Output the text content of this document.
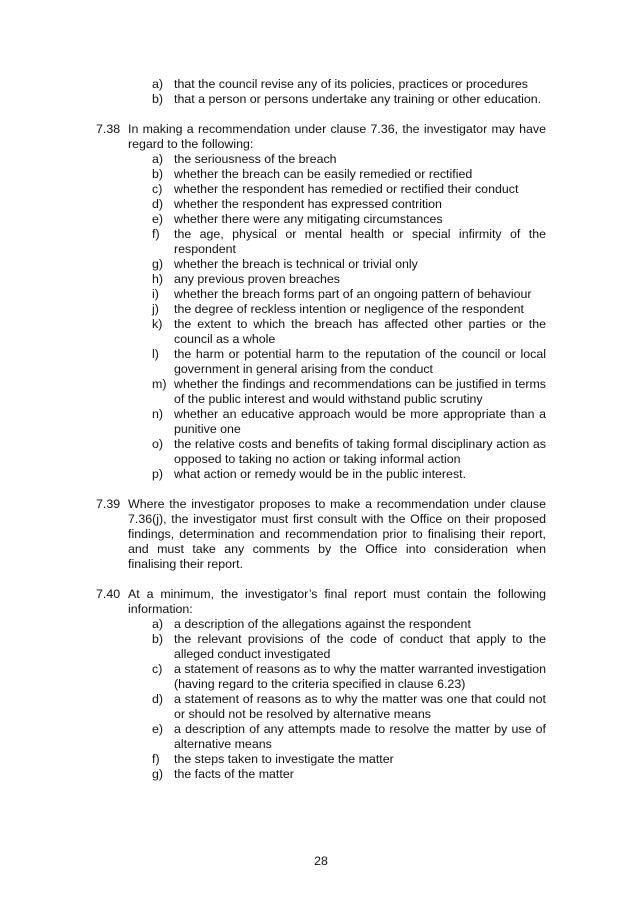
a) that the council revise any of its policies, practices or procedures
b) that a person or persons undertake any training or other education.
7.38 In making a recommendation under clause 7.36, the investigator may have regard to the following:
a) the seriousness of the breach
b) whether the breach can be easily remedied or rectified
c) whether the respondent has remedied or rectified their conduct
d) whether the respondent has expressed contrition
e) whether there were any mitigating circumstances
f)	the age, physical or mental health or special infirmity of the respondent
g) whether the breach is technical or trivial only
h) any previous proven breaches
i)	whether the breach forms part of an ongoing pattern of behaviour
j)	the degree of reckless intention or negligence of the respondent
k) the extent to which the breach has affected other parties or the council as a whole
l)	the harm or potential harm to the reputation of the council or local government in general arising from the conduct
m) whether the findings and recommendations can be justified in terms of the public interest and would withstand public scrutiny
n) whether an educative approach would be more appropriate than a punitive one
o) the relative costs and benefits of taking formal disciplinary action as opposed to taking no action or taking informal action
p) what action or remedy would be in the public interest.
7.39 Where the investigator proposes to make a recommendation under clause 7.36(j), the investigator must first consult with the Office on their proposed findings, determination and recommendation prior to finalising their report, and must take any comments by the Office into consideration when finalising their report.
7.40 At a minimum, the investigator’s final report must contain the following information:
a) a description of the allegations against the respondent
b) the relevant provisions of the code of conduct that apply to the alleged conduct investigated
c) a statement of reasons as to why the matter warranted investigation (having regard to the criteria specified in clause 6.23)
d) a statement of reasons as to why the matter was one that could not or should not be resolved by alternative means
e) a description of any attempts made to resolve the matter by use of alternative means
f)	the steps taken to investigate the matter
g) the facts of the matter
28
